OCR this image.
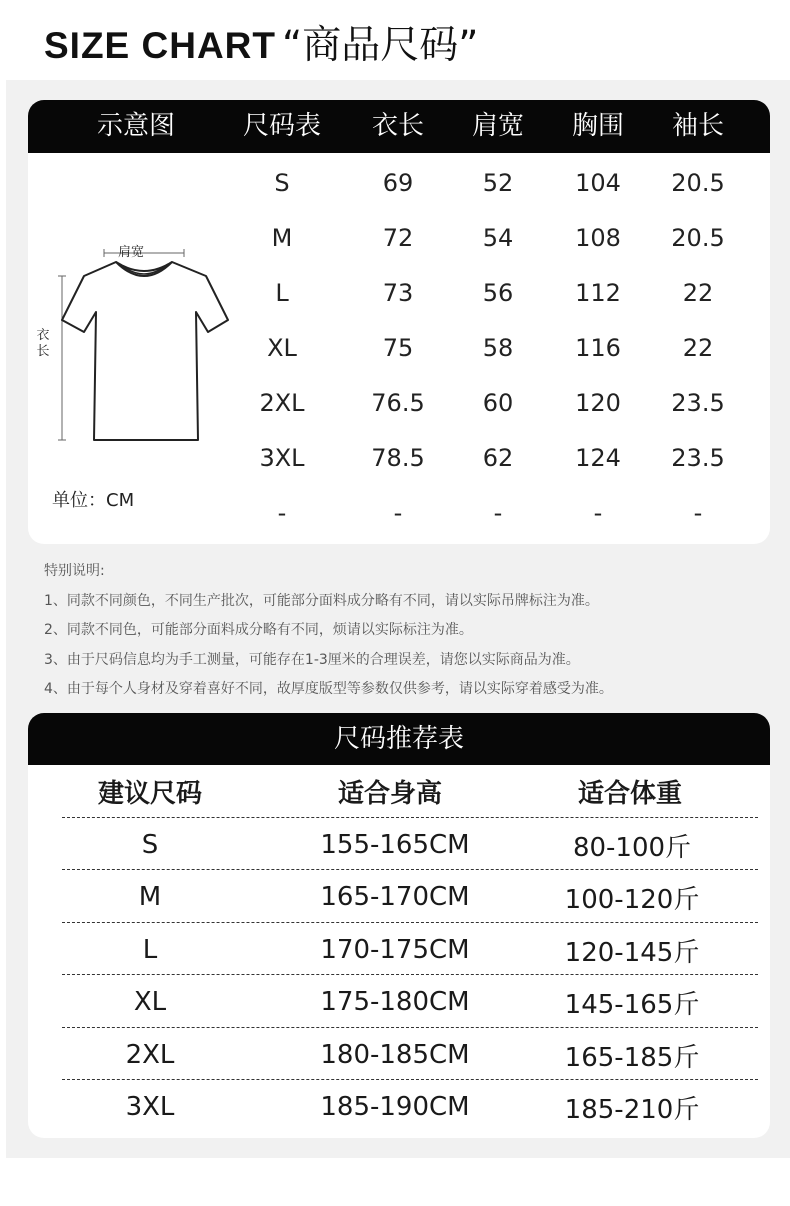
SIZE CHART “商品尺码”
示意图	尺码表 衣长 肩宽 胸围 袖长
S	69	52	104 20.5
M	72	54	108 20.5
L	73	56	112	22
XL	75	58	116	22
2XL	76.5 60	120 23.5
3XL	78.5 62	124 23.5
-	-	-	-	-
肩宽
衣长
单位：CM
特别说明:
1、同款不同颜色，不同生产批次，可能部分面料成分略有不同，请以实际吊牌标注为准。
2、同款不同色，可能部分面料成分略有不同，烦请以实际标注为准。
3、由于尺码信息均为手工测量，可能存在1-3厘米的合理误差，请您以实际商品为准。
4、由于每个人身材及穿着喜好不同，故厚度版型等参数仅供参考，请以实际穿着感受为准。
尺码推荐表
建议尺码	适合身高	适合体重
S	155-165CM	80-100斤
M	165-170CM	100-120斤
L	170-175CM	120-145斤
XL	175-180CM	145-165斤
2XL	180-185CM	165-185斤
3XL	185-190CM	185-210斤
